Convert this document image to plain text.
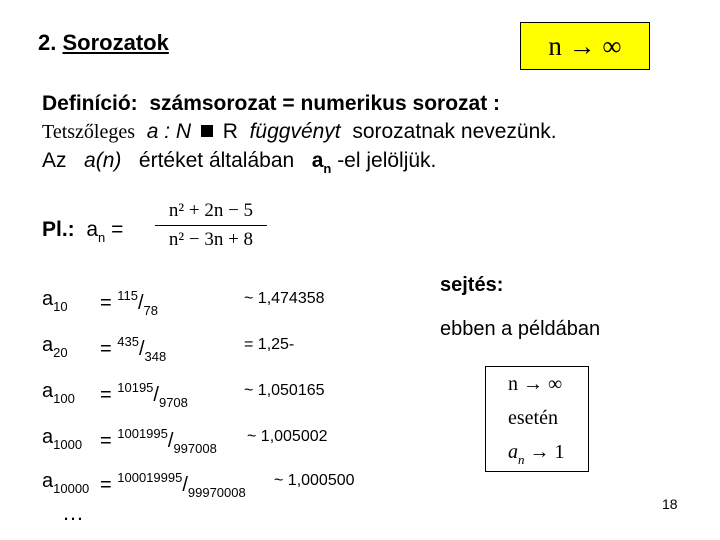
2. Sorozatok	n → ∞
Definíció: számsorozat = numerikus sorozat :
Tetszőleges a : N R függvényt sorozatnak nevezünk.
Az a(n) értéket általában $a_n$ -el jelöljük.
Pl.: $a_n = \frac{\text{n² + 2n − 5}}{\text{n² − 3n + 8}}$
$a_{10} = ^{115}/_{78}$
~ 1,474358
$a_{20} = ^{435}/_{348}$
= 1,25-
$a_{100} = ^{10195}/_{9708}$
~ 1,050165
$a_{1000} = ^{1001995}/_{997008}$
~ 1,005002
$a_{10000} = ^{100019995}/_{99970008}$
~ 1,000500
sejtés:
ebben a példában
n → ∞
esetén
$a_n \to 1$
…	18
